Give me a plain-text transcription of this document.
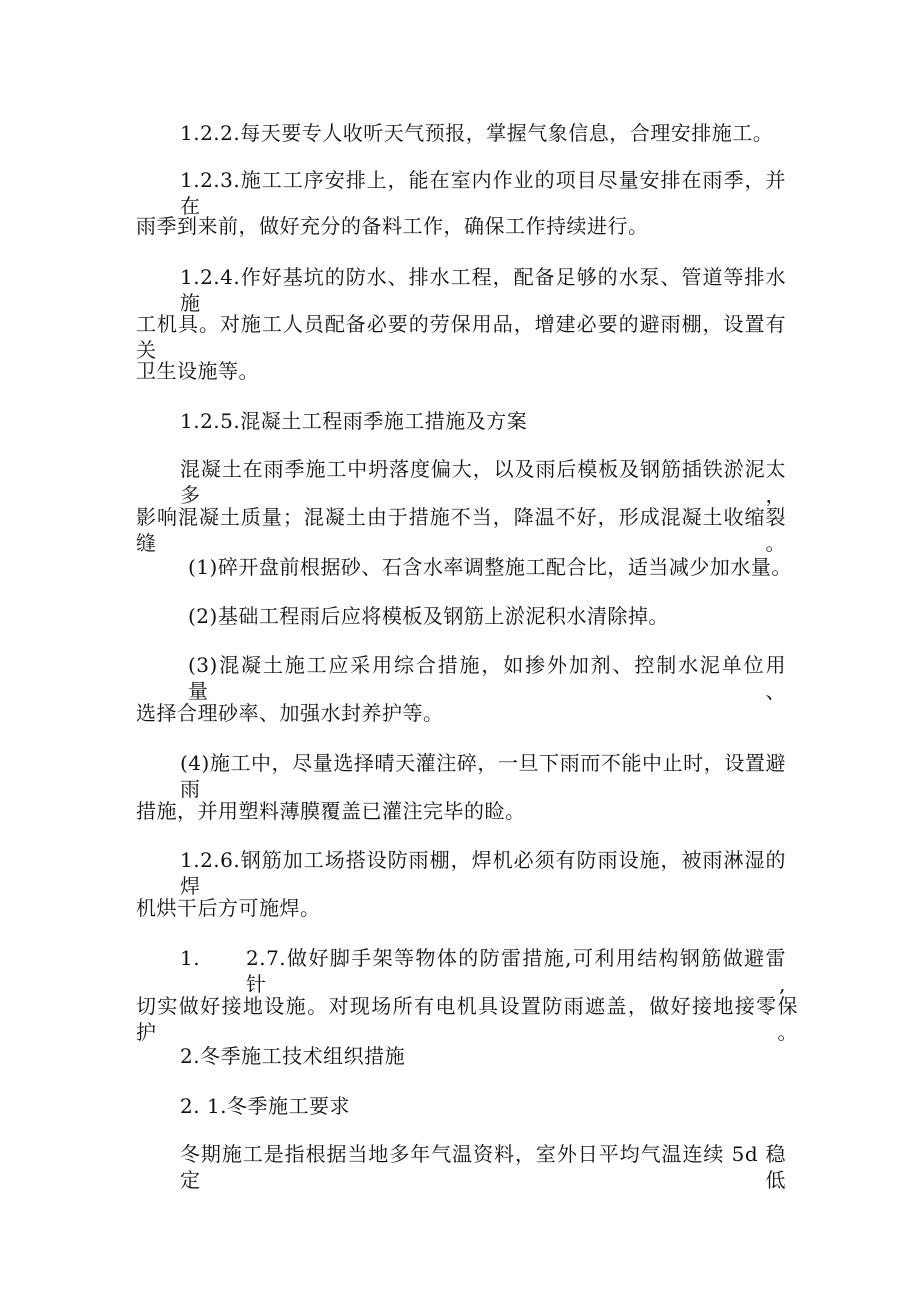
1.2.2.每天要专人收听天气预报，掌握气象信息，合理安排施工。
1.2.3.施工工序安排上，能在室内作业的项目尽量安排在雨季，并在
雨季到来前，做好充分的备料工作，确保工作持续进行。
1.2.4.作好基坑的防水、排水工程，配备足够的水泵、管道等排水施
工机具。对施工人员配备必要的劳保用品，增建必要的避雨棚，设置有关
卫生设施等。
1.2.5.混凝土工程雨季施工措施及方案
混凝土在雨季施工中坍落度偏大，以及雨后模板及钢筋插铁淤泥太多，
影响混凝土质量；混凝土由于措施不当，降温不好，形成混凝土收缩裂缝。
(1)碎开盘前根据砂、石含水率调整施工配合比，适当减少加水量。
(2)基础工程雨后应将模板及钢筋上淤泥积水清除掉。
(3)混凝土施工应采用综合措施，如掺外加剂、控制水泥单位用量、
选择合理砂率、加强水封养护等。
(4)施工中，尽量选择晴天灌注碎，一旦下雨而不能中止时，设置避雨
措施，并用塑料薄膜覆盖已灌注完毕的睑。
1.2.6.钢筋加工场搭设防雨棚，焊机必须有防雨设施，被雨淋湿的焊
机烘干后方可施焊。
1. 2.7.做好脚手架等物体的防雷措施,可利用结构钢筋做避雷针,
切实做好接地设施。对现场所有电机具设置防雨遮盖，做好接地接零保护。
2.冬季施工技术组织措施
2. 1.冬季施工要求
冬期施工是指根据当地多年气温资料，室外日平均气温连续 5d 稳定低
